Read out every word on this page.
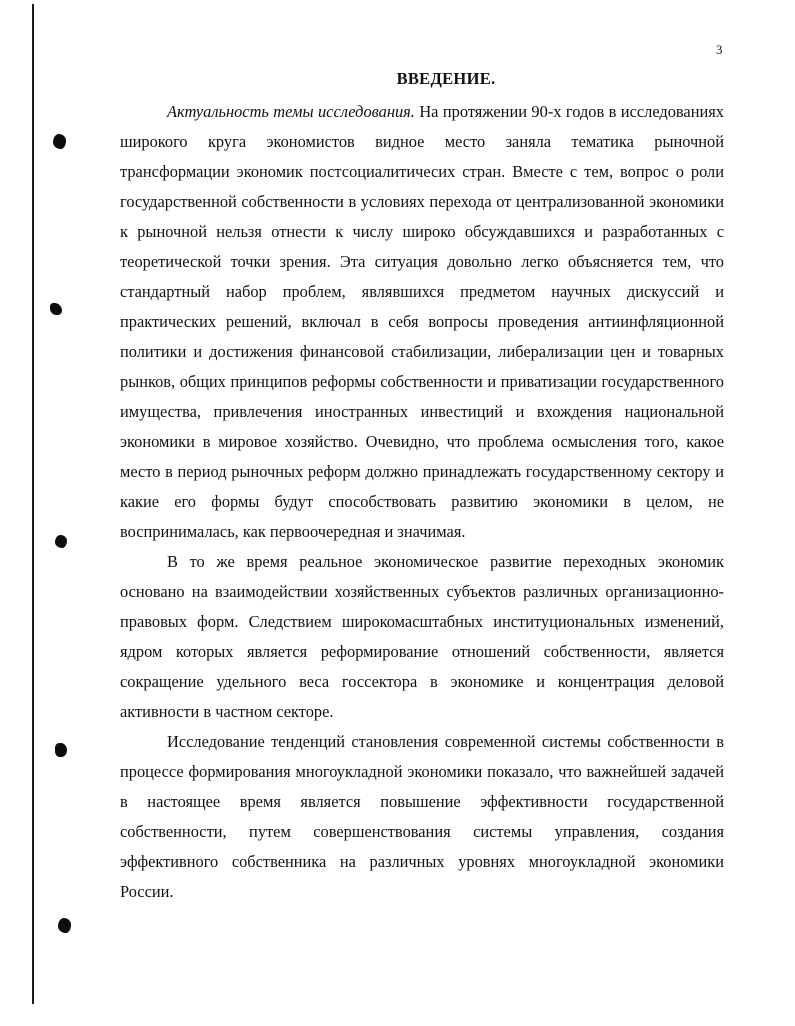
3
ВВЕДЕНИЕ.

Актуальность темы исследования. На протяжении 90-х годов в исследованиях широкого круга экономистов видное место заняла тематика рыночной трансформации экономик постсоциалитичесих стран. Вместе с тем, вопрос о роли государственной собственности в условиях перехода от централизованной экономики к рыночной нельзя отнести к числу широко обсуждавшихся и разработанных с теоретической точки зрения. Эта ситуация довольно легко объясняется тем, что стандартный набор проблем, являвшихся предметом научных дискуссий и практических решений, включал в себя вопросы проведения антиинфляционной политики и достижения финансовой стабилизации, либерализации цен и товарных рынков, общих принципов реформы собственности и приватизации государственного имущества, привлечения иностранных инвестиций и вхождения национальной экономики в мировое хозяйство. Очевидно, что проблема осмысления того, какое место в период рыночных реформ должно принадлежать государственному сектору и какие его формы будут способствовать развитию экономики в целом, не воспринималась, как первоочередная и значимая.

В то же время реальное экономическое развитие переходных экономик основано на взаимодействии хозяйственных субъектов различных организационно-правовых форм. Следствием широкомасштабных институциональных изменений, ядром которых является реформирование отношений собственности, является сокращение удельного веса госсектора в экономике и концентрация деловой активности в частном секторе.

Исследование тенденций становления современной системы собственности в процессе формирования многоукладной экономики показало, что важнейшей задачей в настоящее время является повышение эффективности государственной собственности, путем совершенствования системы управления, создания эффективного собственника на различных уровнях многоукладной экономики России.
